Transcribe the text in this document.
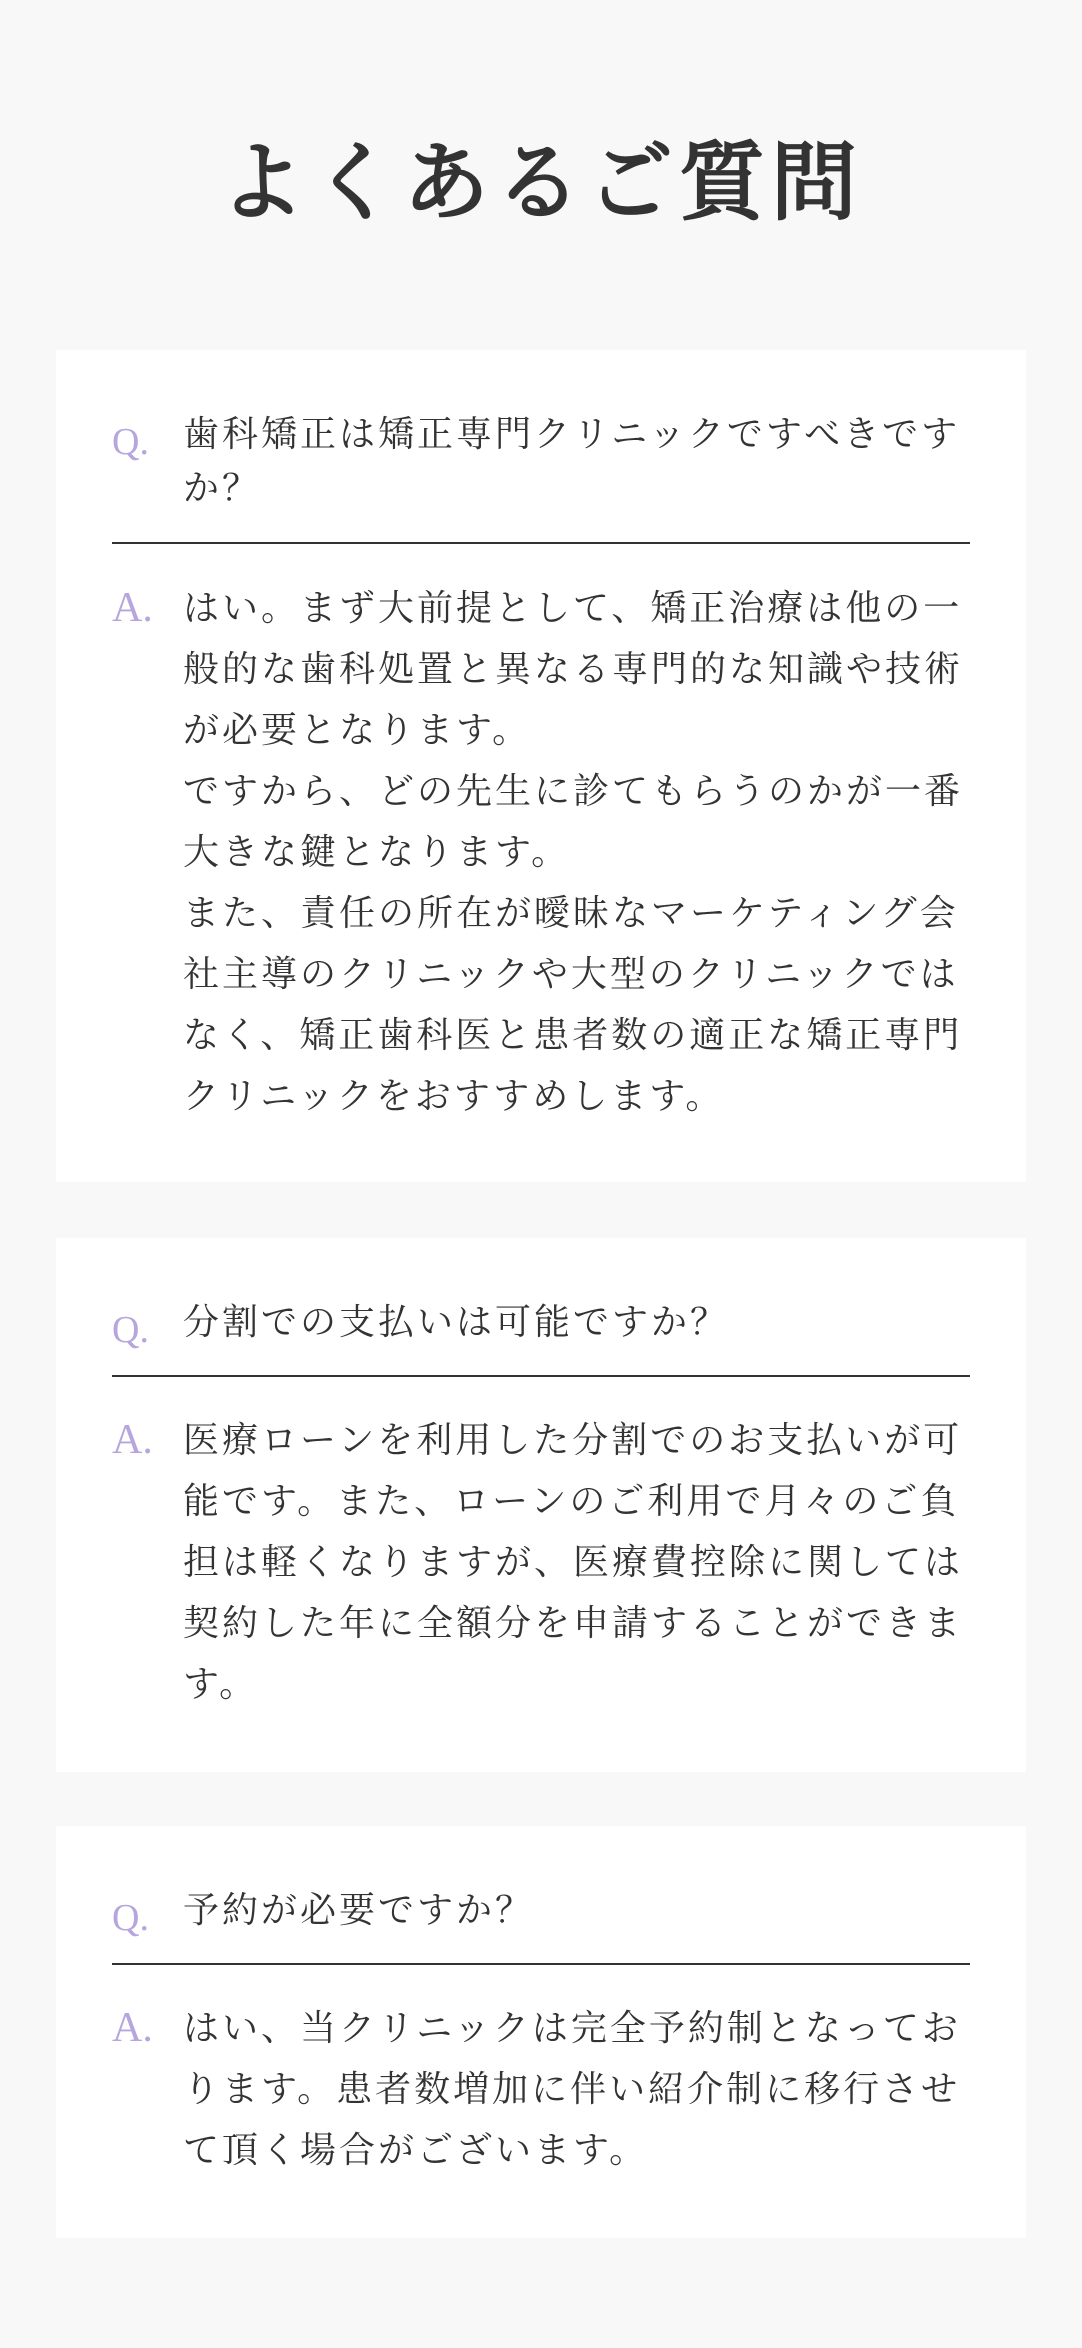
よくあるご質問
Q. 歯科矯正は矯正専門クリニックですべきですか？
A. はい。まず大前提として、矯正治療は他の一般的な歯科処置と異なる専門的な知識や技術が必要となります。

ですから、どの先生に診てもらうのかが一番大きな鍵となります。

また、責任の所在が曖昧なマーケティング会社主導のクリニックや大型のクリニックではなく、矯正歯科医と患者数の適正な矯正専門クリニックをおすすめします。

Q. 分割での支払いは可能ですか？
A. 医療ローンを利用した分割でのお支払いが可能です。また、ローンのご利用で月々のご負担は軽くなりますが、医療費控除に関しては契約した年に全額分を申請することができます。

Q. 予約が必要ですか？
A. はい、当クリニックは完全予約制となっております。患者数増加に伴い紹介制に移行させて頂く場合がございます。
